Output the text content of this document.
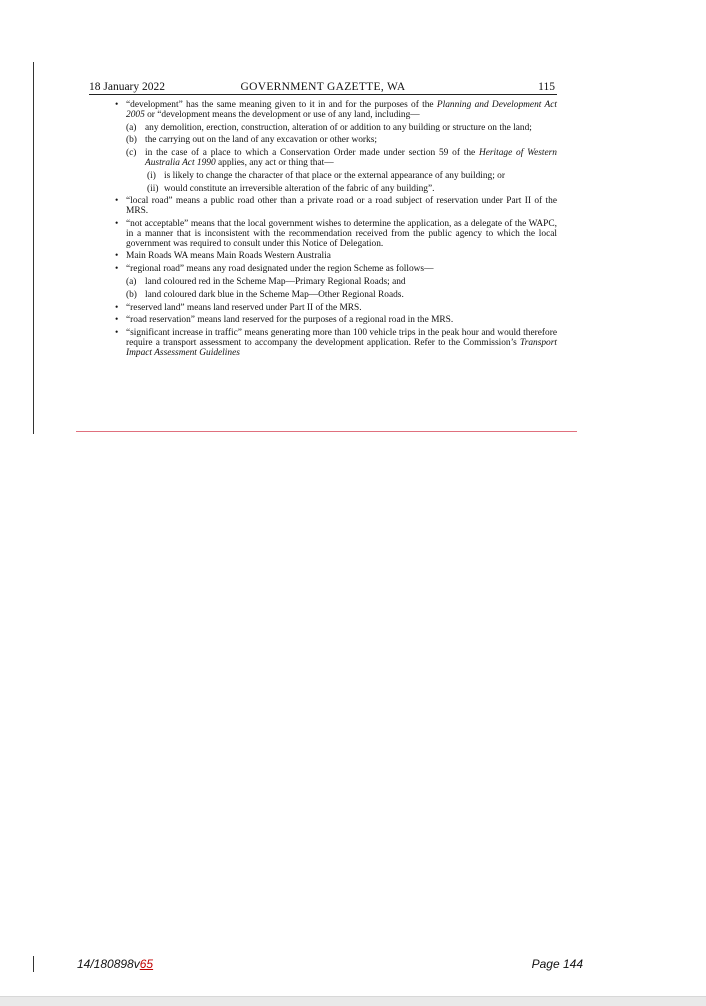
18 January 2022	GOVERNMENT GAZETTE, WA	115
• “development” has the same meaning given to it in and for the purposes of the Planning and Development Act 2005 or “development means the development or use of any land, including—
(a) any demolition, erection, construction, alteration of or addition to any building or structure on the land;
(b) the carrying out on the land of any excavation or other works;
(c) in the case of a place to which a Conservation Order made under section 59 of the Heritage of Western Australia Act 1990 applies, any act or thing that—
(i) is likely to change the character of that place or the external appearance of any building; or
(ii) would constitute an irreversible alteration of the fabric of any building”.
• “local road” means a public road other than a private road or a road subject of reservation under Part II of the MRS.
• “not acceptable” means that the local government wishes to determine the application, as a delegate of the WAPC, in a manner that is inconsistent with the recommendation received from the public agency to which the local government was required to consult under this Notice of Delegation.
• Main Roads WA means Main Roads Western Australia
• “regional road” means any road designated under the region Scheme as follows—
(a) land coloured red in the Scheme Map—Primary Regional Roads; and
(b) land coloured dark blue in the Scheme Map—Other Regional Roads.
• “reserved land” means land reserved under Part II of the MRS.
• “road reservation” means land reserved for the purposes of a regional road in the MRS.
• “significant increase in traffic” means generating more than 100 vehicle trips in the peak hour and would therefore require a transport assessment to accompany the development application. Refer to the Commission’s Transport Impact Assessment Guidelines
14/180898v65	Page 144
